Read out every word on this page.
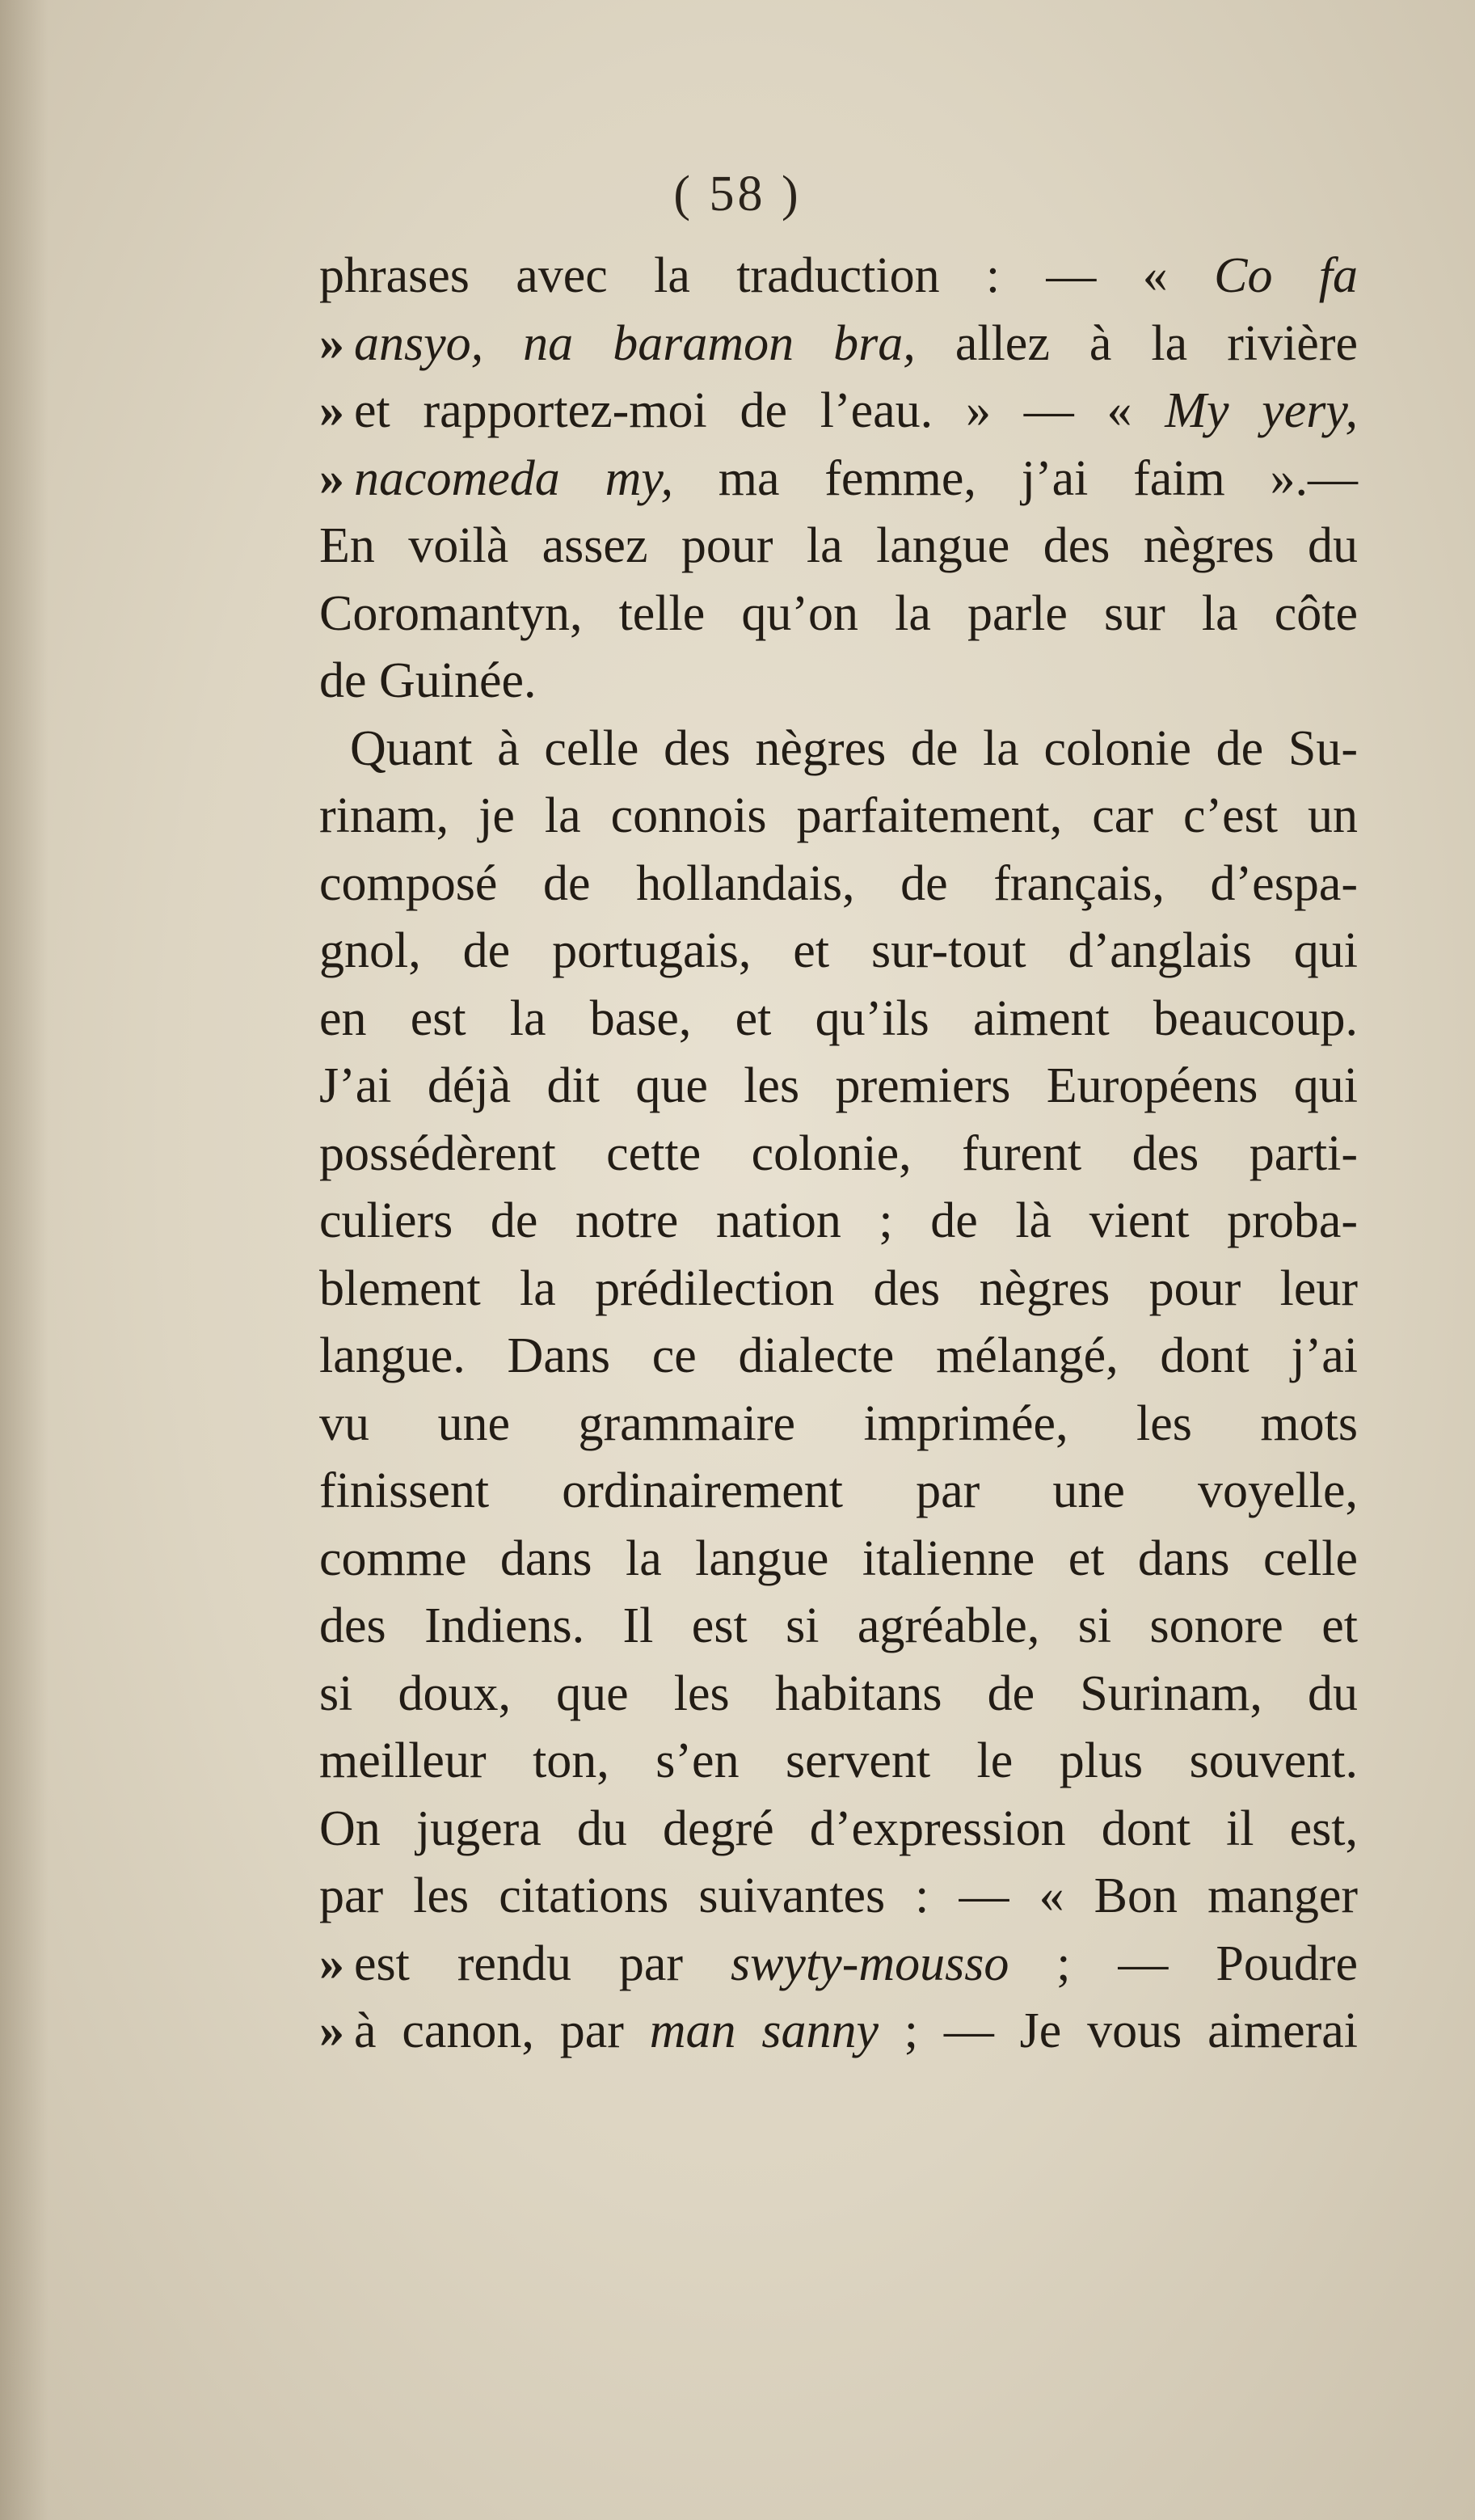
( 58 )
phrases avec la traduction : — « Co fa
» ansyo, na baramon bra, allez à la rivière
» et rapportez-moi de l’eau. » — « My yery,
» nacomeda my, ma femme, j’ai faim ».—
En voilà assez pour la langue des nègres du
Coromantyn, telle qu’on la parle sur la côte
de Guinée.
Quant à celle des nègres de la colonie de Su-
rinam, je la connois parfaitement, car c’est un
composé de hollandais, de français, d’espa-
gnol, de portugais, et sur-tout d’anglais qui
en est la base, et qu’ils aiment beaucoup.
J’ai déjà dit que les premiers Européens qui
possédèrent cette colonie, furent des parti-
culiers de notre nation ; de là vient proba-
blement la prédilection des nègres pour leur
langue. Dans ce dialecte mélangé, dont j’ai
vu une grammaire imprimée, les mots
finissent ordinairement par une voyelle,
comme dans la langue italienne et dans celle
des Indiens. Il est si agréable, si sonore et
si doux, que les habitans de Surinam, du
meilleur ton, s’en servent le plus souvent.
On jugera du degré d’expression dont il est,
par les citations suivantes : — « Bon manger
» est rendu par swyty-mousso ; — Poudre
» à canon, par man sanny ; — Je vous aimerai
